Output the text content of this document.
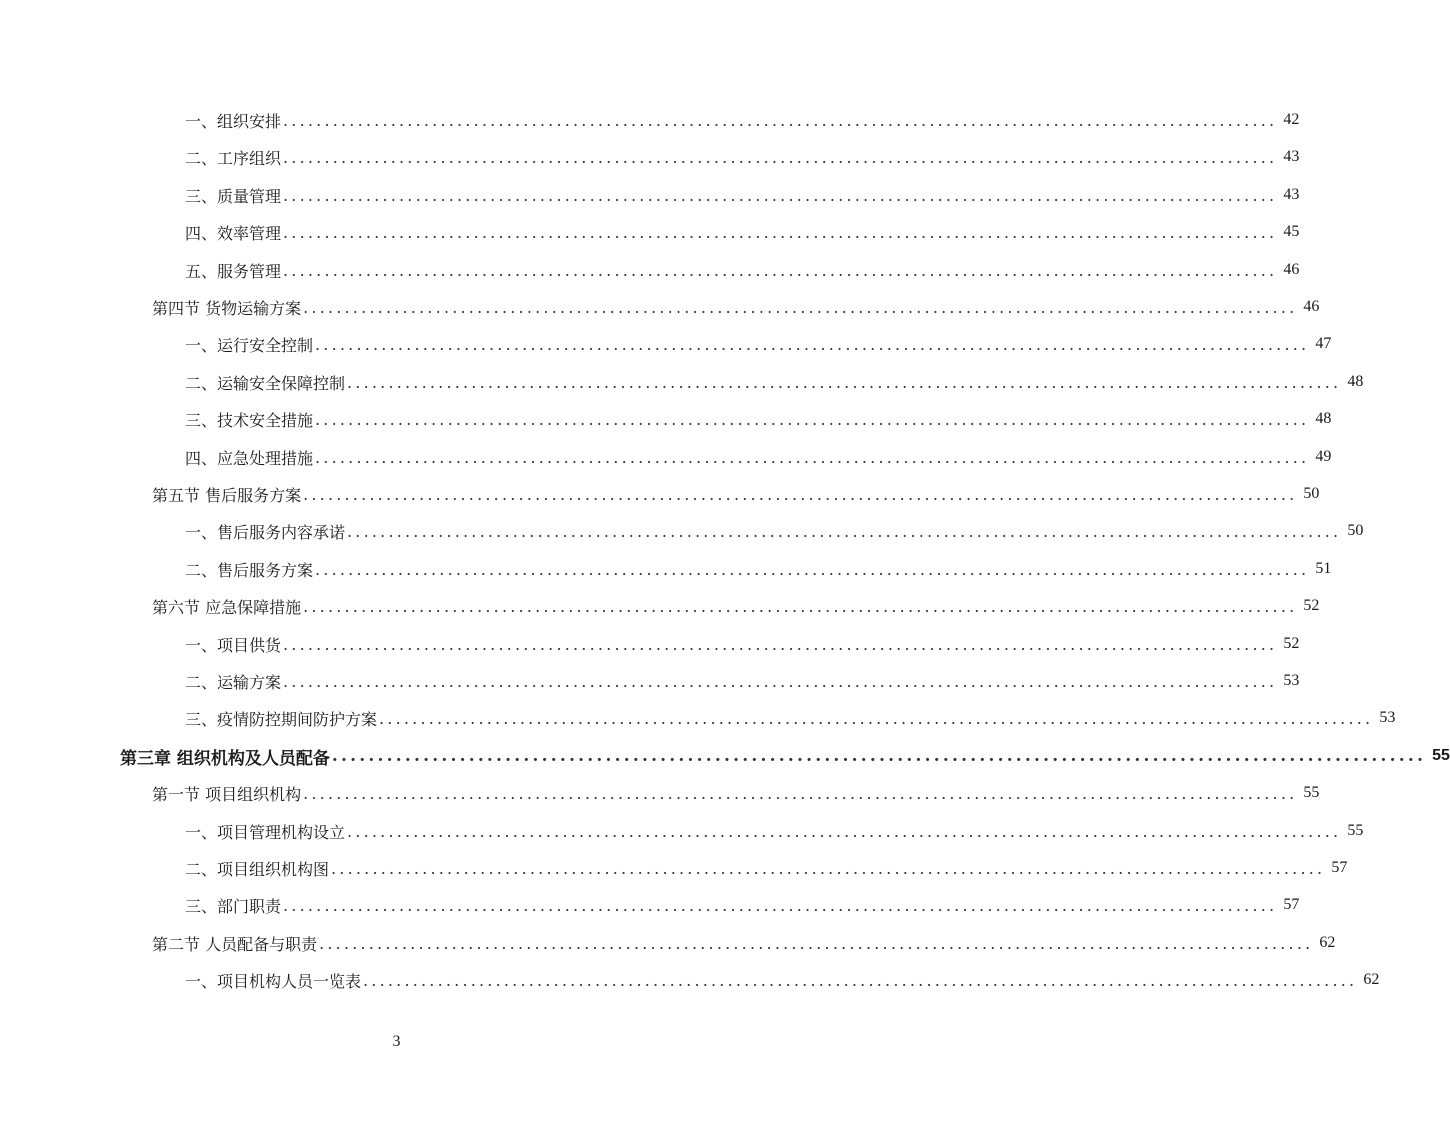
一、组织安排 ........................................................................................................................ 42
二、工序组织 ........................................................................................................................ 43
三、质量管理 ........................................................................................................................ 43
四、效率管理 ........................................................................................................................ 45
五、服务管理 ........................................................................................................................ 46
第四节 货物运输方案 ........................................................................................................................ 46
一、运行安全控制 ........................................................................................................................ 47
二、运输安全保障控制 ........................................................................................................................ 48
三、技术安全措施 ........................................................................................................................ 48
四、应急处理措施 ........................................................................................................................ 49
第五节 售后服务方案 ........................................................................................................................ 50
一、售后服务内容承诺 ........................................................................................................................ 50
二、售后服务方案 ........................................................................................................................ 51
第六节 应急保障措施 ........................................................................................................................ 52
一、项目供货 ........................................................................................................................ 52
二、运输方案 ........................................................................................................................ 53
三、疫情防控期间防护方案 ........................................................................................................................ 53
第三章 组织机构及人员配备 ........................................................................................................................ 55
第一节 项目组织机构 ........................................................................................................................ 55
一、项目管理机构设立 ........................................................................................................................ 55
二、项目组织机构图 ........................................................................................................................ 57
三、部门职责 ........................................................................................................................ 57
第二节 人员配备与职责 ........................................................................................................................ 62
一、项目机构人员一览表 ........................................................................................................................ 62
3
